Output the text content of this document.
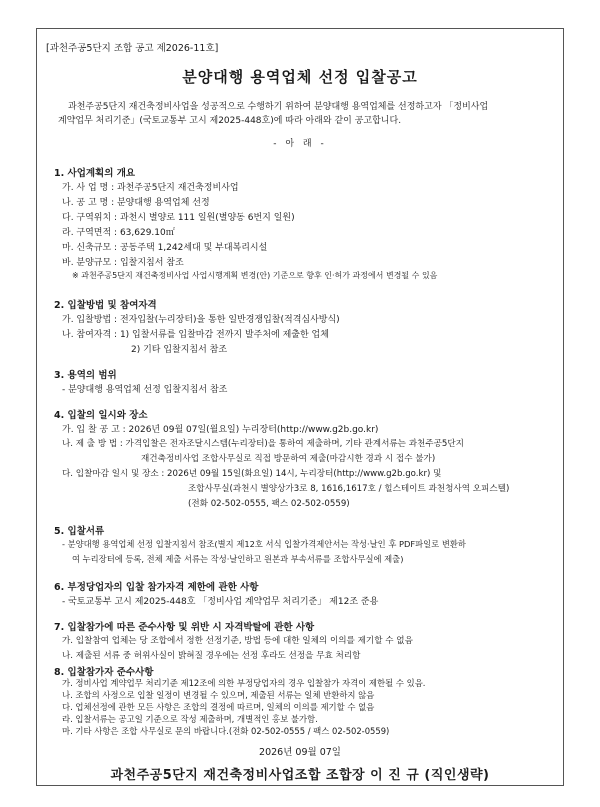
[과천주공5단지 조합 공고 제2026-11호]
분양대행 용역업체 선정 입찰공고
과천주공5단지 재건축정비사업을 성공적으로 수행하기 위하여 분양대행 용역업체를 선정하고자 「정비사업
계약업무 처리기준」(국토교통부 고시 제2025-448호)에 따라 아래와 같이 공고합니다.
- 아 래 -
1. 사업계획의 개요
가. 사 업 명 : 과천주공5단지 재건축정비사업
나. 공 고 명 : 분양대행 용역업체 선정
다. 구역위치 : 과천시 별양로 111 일원(별양동 6번지 일원)
라. 구역면적 : 63,629.10㎡
마. 신축규모 : 공동주택 1,242세대 및 부대복리시설
바. 분양규모 : 입찰지침서 참조
※ 과천주공5단지 재건축정비사업 사업시행계획 변경(안) 기준으로 향후 인·허가 과정에서 변경될 수 있음
2. 입찰방법 및 참여자격
가. 입찰방법 : 전자입찰(누리장터)을 통한 일반경쟁입찰(적격심사방식)
나. 참여자격 : 1) 입찰서류를 입찰마감 전까지 발주처에 제출한 업체
2) 기타 입찰지침서 참조
3. 용역의 범위
- 분양대행 용역업체 선정 입찰지침서 참조
4. 입찰의 일시와 장소
가. 입 찰 공 고 : 2026년 09월 07일(월요일) 누리장터(http://www.g2b.go.kr)
나. 제 출 방 법 : 가격입찰은 전자조달시스템(누리장터)을 통하여 제출하며, 기타 관계서류는 과천주공5단지
재건축정비사업 조합사무실로 직접 방문하여 제출(마감시한 경과 시 접수 불가)
다. 입찰마감 일시 및 장소 : 2026년 09월 15일(화요일) 14시, 누리장터(http://www.g2b.go.kr) 및
조합사무실(과천시 별양상가3로 8, 1616,1617호 / 힐스테이트 과천청사역 오피스텔)
(전화 02-502-0555, 팩스 02-502-0559)
5. 입찰서류
- 분양대행 용역업체 선정 입찰지침서 참조(별지 제12호 서식 입찰가격제안서는 작성·날인 후 PDF파일로 변환하
여 누리장터에 등록, 전체 제출 서류는 작성·날인하고 원본과 부속서류를 조합사무실에 제출)
6. 부정당업자의 입찰 참가자격 제한에 관한 사항
- 국토교통부 고시 제2025-448호 「정비사업 계약업무 처리기준」 제12조 준용
7. 입찰참가에 따른 준수사항 및 위반 시 자격박탈에 관한 사항
가. 입찰참여 업체는 당 조합에서 정한 선정기준, 방법 등에 대한 일체의 이의를 제기할 수 없음
나. 제출된 서류 중 허위사실이 밝혀질 경우에는 선정 후라도 선정을 무효 처리함
8. 입찰참가자 준수사항
가. 정비사업 계약업무 처리기준 제12조에 의한 부정당업자의 경우 입찰참가 자격이 제한될 수 있음.
2026년 09월 07일
과천주공5단지 재건축정비사업조합 조합장 이 진 규 (직인생략)
나. 조합의 사정으로 입찰 일정이 변경될 수 있으며, 제출된 서류는 일체 반환하지 않음
다. 업체선정에 관한 모든 사항은 조합의 결정에 따르며, 일체의 이의를 제기할 수 없음
라. 입찰서류는 공고일 기준으로 작성 제출하며, 개별적인 홍보 불가함.
마. 기타 사항은 조합 사무실로 문의 바랍니다.(전화 02-502-0555 / 팩스 02-502-0559)
